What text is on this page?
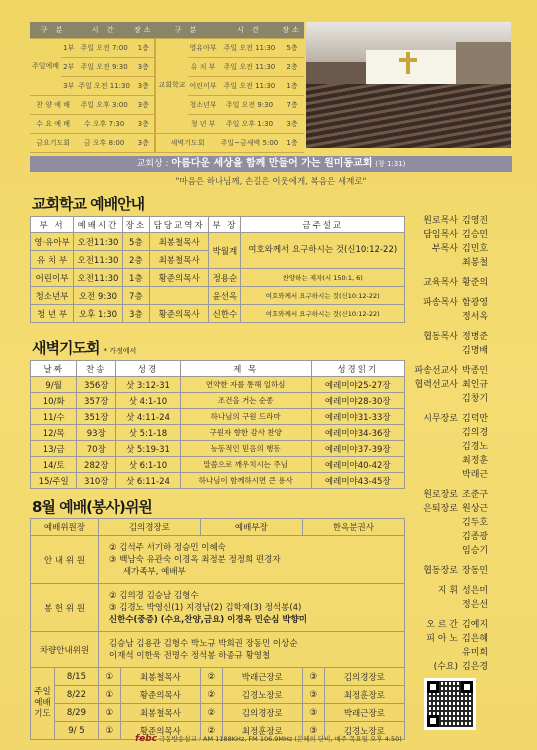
구 분		시 간	장소	구 분		시 간	장소
주일예배	1부	주일 오전 7:00	1층	교회학교	영유아부	주일 오전 11:30	5층
	2부	주일 오전 9:30	3층		유 치 부	주일 오전 11:30	2층
	3부	주일 오전 11:30	3층		어린이부	주일 오전 11:30	1층
찬 양 예 배		주일 오후 3:00	3층		청소년부	주일 오전 9:30	7층
수 요 예 배		수 오후 7:30	3층		청 년 부	주일 오후 1:30	3층
금요기도회		금 오후 8:00	3층	새벽기도회		주일~금새벽 5:00	1층
교회상 : 아름다운 세상을 함께 만들어 가는 원미동교회 (창 1:31)
"마음은 하나님께, 손길은 이웃에게, 복음은 세계로"
교회학교 예배안내
부 서	예배시간	장소	담당교역자	부 장	금주설교
영·유아부	오전11:30	5층	최봉철목사	박월계	여호와께서 요구하시는 것(신10:12-22)
유 치 부	오전11:30	2층	최봉철목사		
어린이부	오전11:30	1층	황준의목사	정용순	찬양하는 제자(시 150:1, 6)
청소년부	오전 9:30	7층		윤선옥	여호와께서 요구하시는 것(신10:12-22)
청 년 부	오후 1:30	3층	황준의목사	신한수	여호와께서 요구하시는 것(신10:12-22)
새벽기도회 * 가정에서
날짜	찬송	성경	제 목	성경읽기
9/월	356장	삿 3:12-31	연약한 자를 통해 일하심	예레미야25-27장
10/화	357장	삿 4:1-10	조건을 거는 순종	예레미야28-30장
11/수	351장	삿 4:11-24	하나님의 구원 드라마	예레미야31-33장
12/목	93장	삿 5:1-18	구원자 향한 감사 찬양	예레미야34-36장
13/금	70장	삿 5:19-31	능동적인 믿음의 행동	예레미야37-39장
14/토	282장	삿 6:1-10	말씀으로 깨우치시는 주님	예레미야40-42장
15/주일	310장	삿 6:11-24	하나님이 함께하시면 큰 용사	예레미야43-45장
8월 예배(봉사)위원
예배위원장		김의경장로		예배부장		한옥분권사	
안 내 위 원		② 김석주 서기하 정승민 이혜숙
③ 백남숙 유관숙 이경옥 최정분 정정희 편경자
세가족부, 예배부					

봉 헌 위 원		② 김의경 김승남 김형수
③ 김경노 박영신(1) 지경남(2) 김학재(3) 정석봉(4)
신한수(중증) (수요,찬양,금요) 이경옥 민순심 박향미					

차량안내위원		김승남 김용관 김형수 박노규 박희권 장동민 이상순
이재석 이한욱 전명수 정석봉 하종규 황영철					

주일예배기도	8/15	①	최봉철목사	②	박래근장로	③	김의경장로
	8/22	①	황준의목사	②	김경노장로	③	최정훈장로
	8/29	①	최봉철목사	②	김의경장로	③	박래근장로
	9/ 5	①	황준의목사	②	최정훈장로	③	김경노장로
원로목사 김영진
담임목사 김승민
부목사 김민호
최봉철
교육목사 황준의
파송목사 함광영
정서옥
협동목사 정병준
김명배
파송선교사 박종민
협력선교사 최인규
김창기
시무장로 김덕만
김의경
김경노
최정훈
박래근
원로장로 조준구
은퇴장로 원상근
김두호
김종광
임승기
협동장로 장동민
지 휘 성은미
정은선
오 르 간 김예지
피 아 노 김은혜
유미희
(수요) 김은경
febc 극동방송설교 : AM 1188KHz, FM 106.9MHz (은혜의 단비, 매주 목요일 오후 4:50)
